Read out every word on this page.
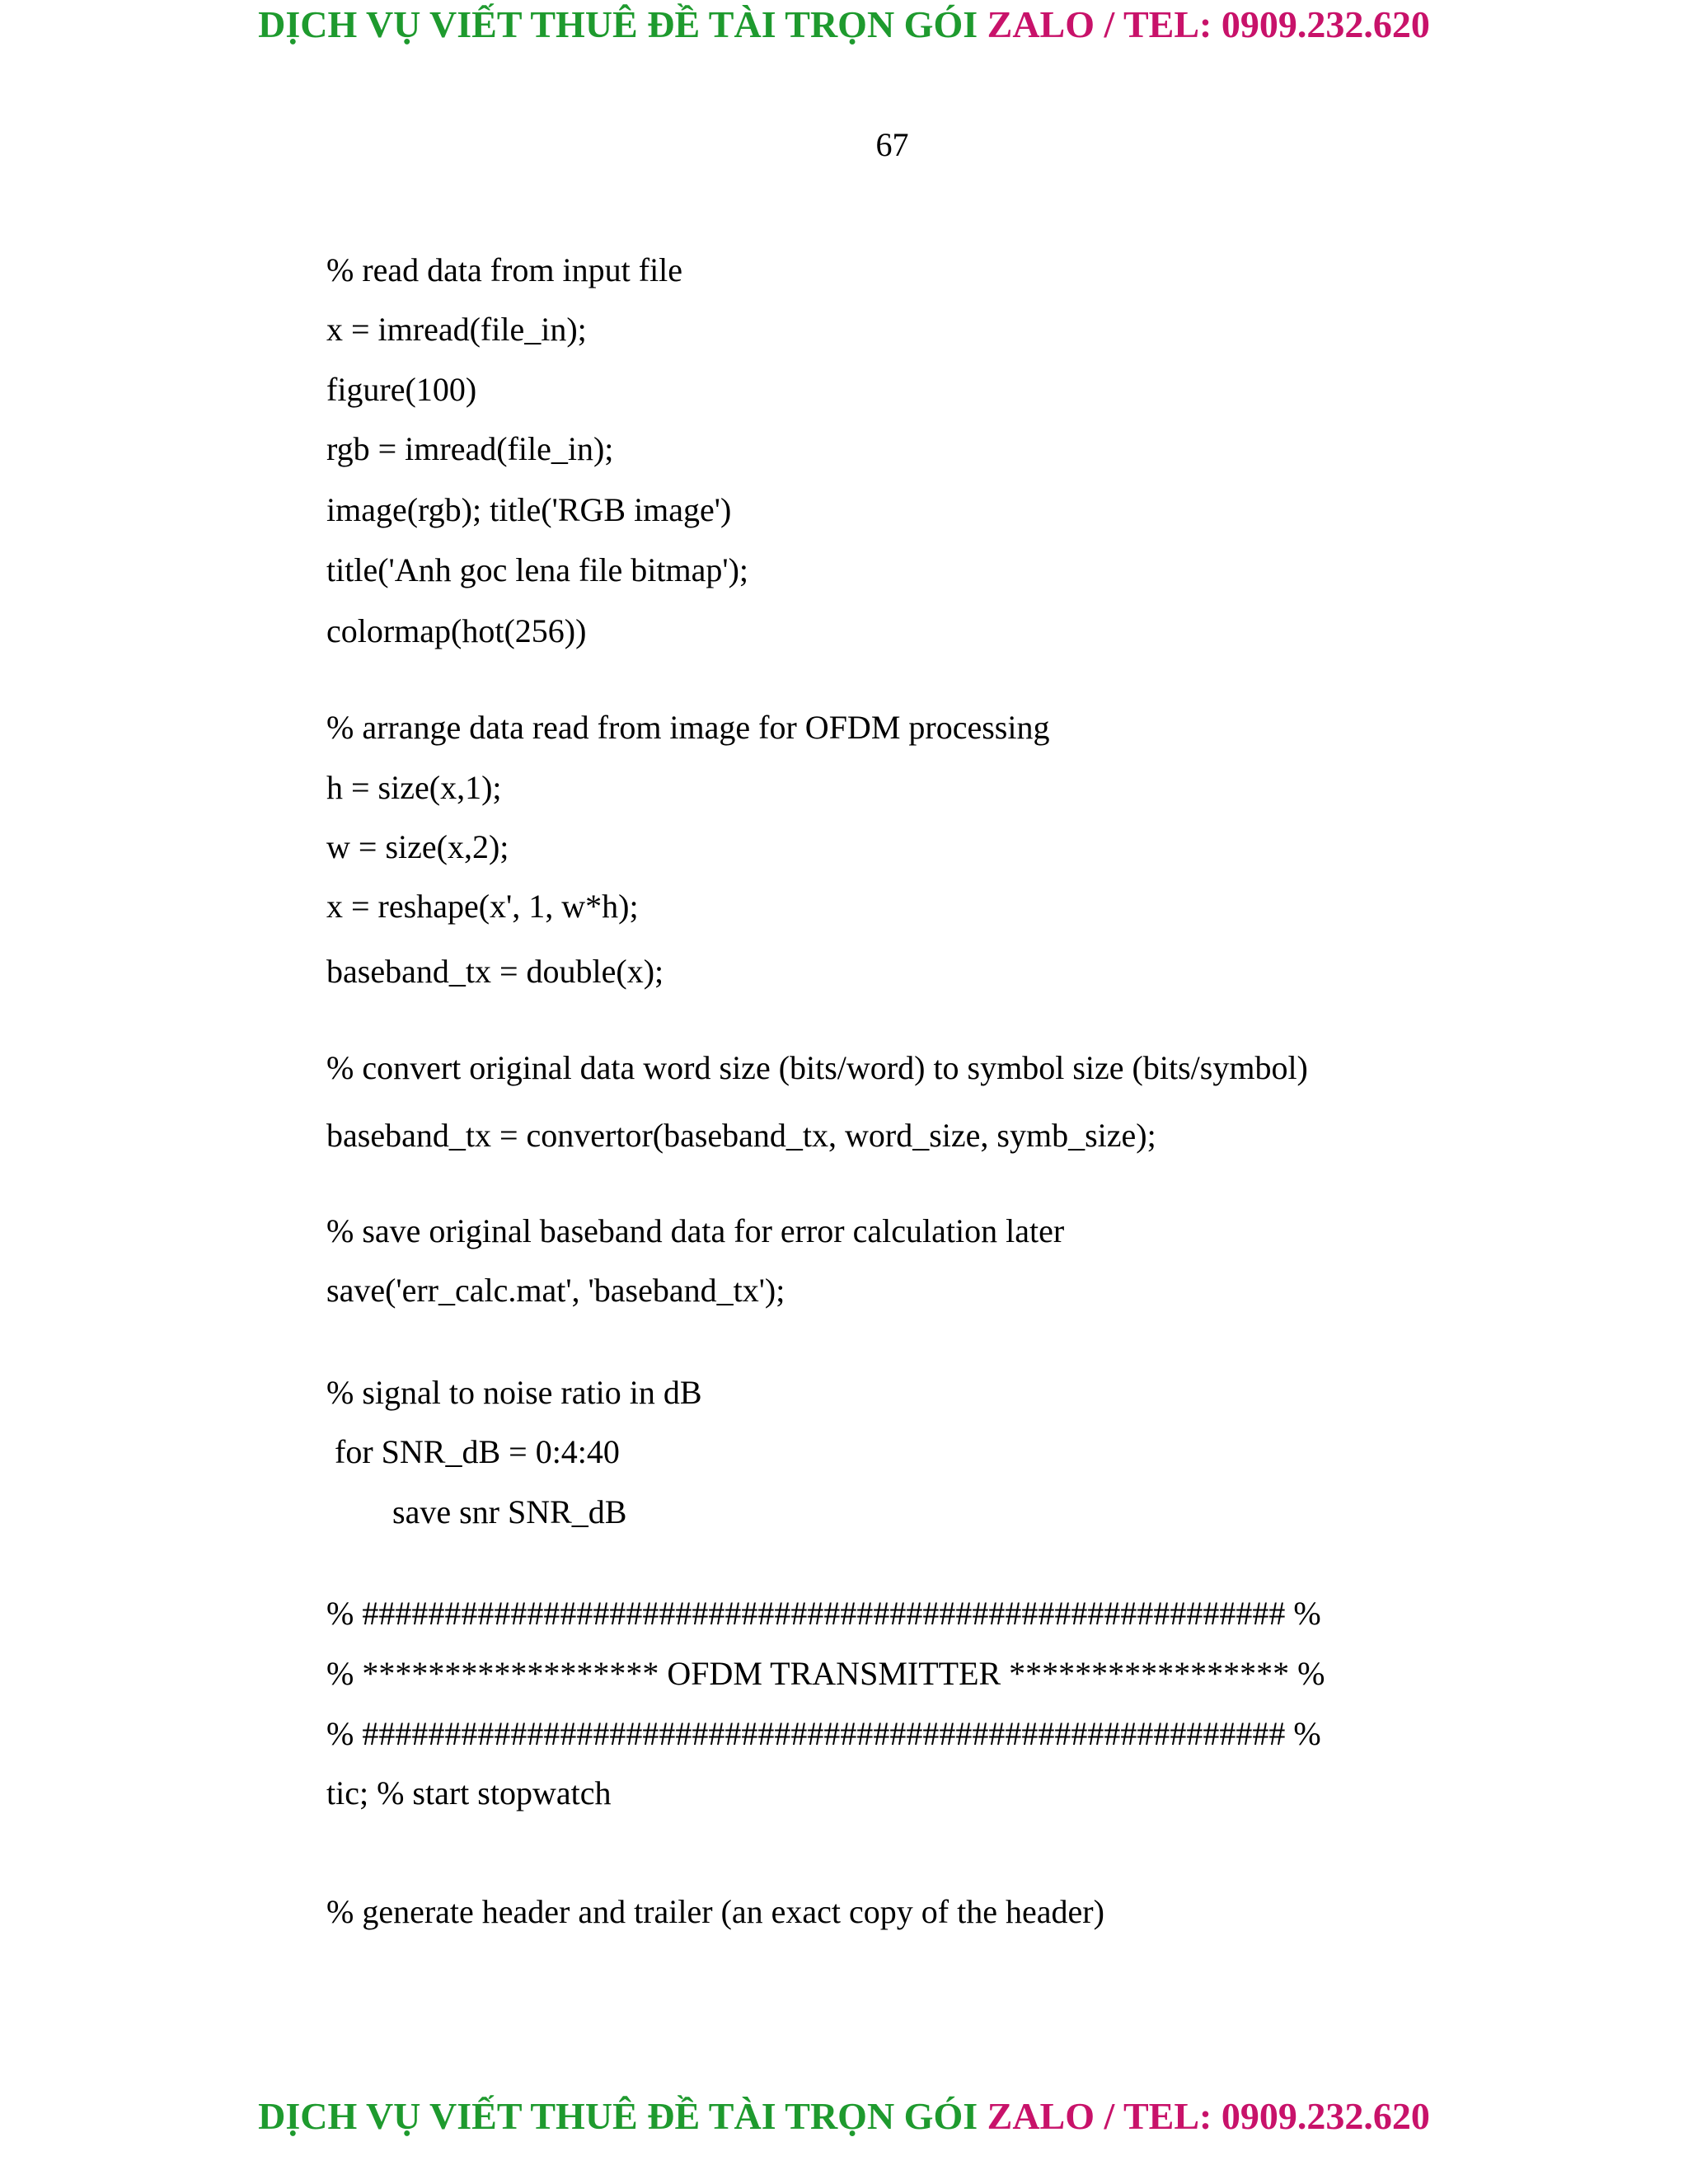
DỊCH VỤ VIẾT THUÊ ĐỀ TÀI TRỌN GÓI ZALO / TEL: 0909.232.620
67
% read data from input file
x = imread(file_in);
figure(100)
rgb = imread(file_in);
image(rgb); title('RGB image')
title('Anh goc lena file bitmap');
colormap(hot(256))
% arrange data read from image for OFDM processing
h = size(x,1);
w = size(x,2);
x = reshape(x', 1, w*h);
baseband_tx = double(x);
% convert original data word size (bits/word) to symbol size (bits/symbol)
baseband_tx = convertor(baseband_tx, word_size, symb_size);
% save original baseband data for error calculation later
save('err_calc.mat', 'baseband_tx');
% signal to noise ratio in dB
for SNR_dB = 0:4:40
save snr SNR_dB
% ######################################################## %
% ****************** OFDM TRANSMITTER ***************** %
% ######################################################## %
tic; % start stopwatch
% generate header and trailer (an exact copy of the header)
DỊCH VỤ VIẾT THUÊ ĐỀ TÀI TRỌN GÓI ZALO / TEL: 0909.232.620
